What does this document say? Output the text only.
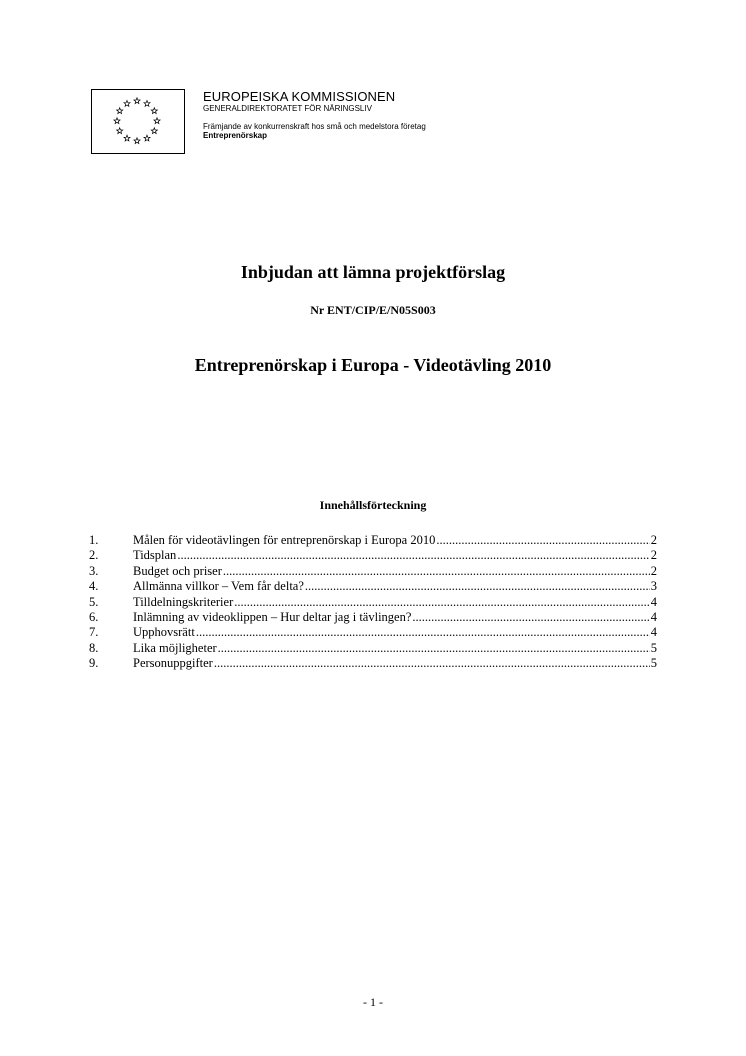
EUROPEISKA KOMMISSIONEN
GENERALDIREKTORATET FÖR NÄRINGSLIV
Främjande av konkurrenskraft hos små och medelstora företag
Entreprenörskap
Inbjudan att lämna projektförslag
Nr ENT/CIP/E/N05S003
Entreprenörskap i Europa - Videotävling 2010
Innehållsförteckning
1.	Målen för videotävlingen för entreprenörskap i Europa 2010 .....	2
2.	Tidsplan .....	2
3.	Budget och priser .....	2
4.	Allmänna villkor – Vem får delta? .....	3
5.	Tilldelningskriterier .....	4
6.	Inlämning av videoklippen – Hur deltar jag i tävlingen? .....	4
7.	Upphovsrätt .....	4
8.	Lika möjligheter .....	5
9.	Personuppgifter .....	5
- 1 -
